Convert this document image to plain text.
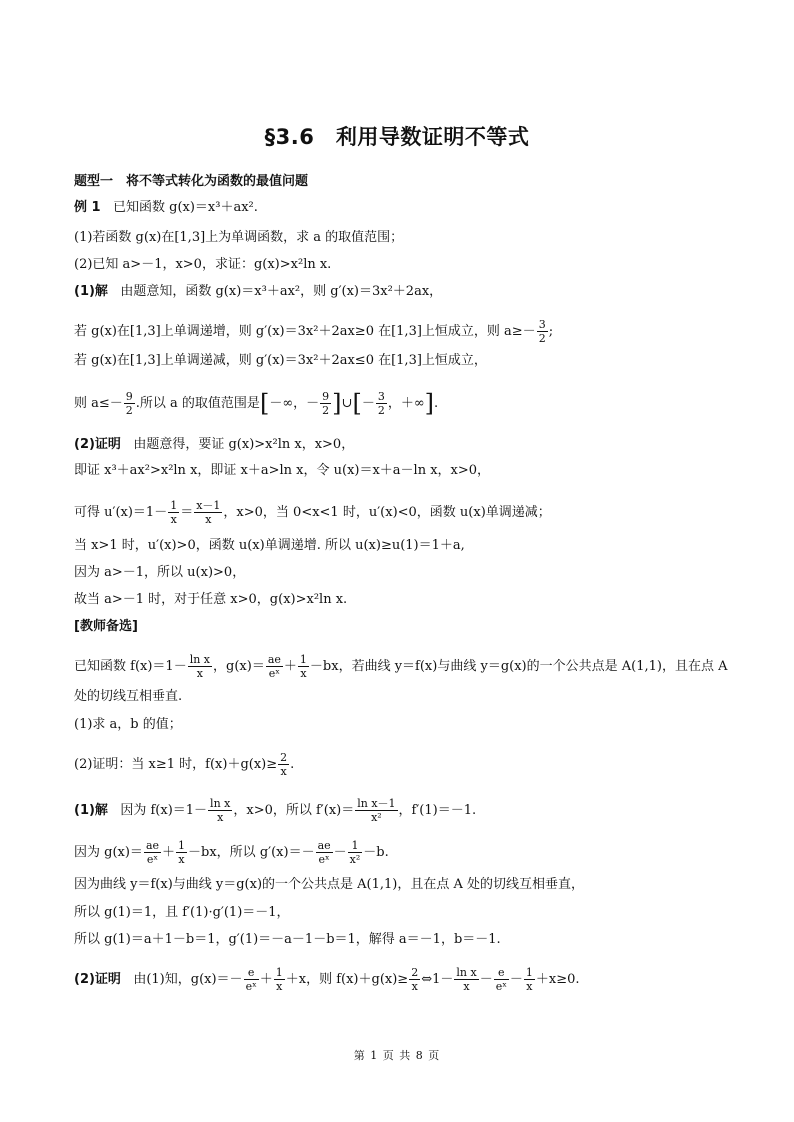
§3.6　利用导数证明不等式
题型一　将不等式转化为函数的最值问题
例 1 已知函数 g(x)＝x³＋ax².
(1)若函数 g(x)在[1,3]上为单调函数，求 a 的取值范围；
(2)已知 a>－1，x>0，求证：g(x)>x²ln x.
(1)解 由题意知，函数 g(x)＝x³＋ax²，则 g′(x)＝3x²＋2ax，
若 g(x)在[1,3]上单调递增，则 g′(x)＝3x²＋2ax≥0 在[1,3]上恒成立，则 $a\ge- \frac{3}{2}$ ;
若 g(x)在[1,3]上单调递减，则 g′(x)＝3x²＋2ax≤0 在[1,3]上恒成立，
则 $a\le- \frac{9}{2}$ .所以 a 的取值范围是[－∞，－ $\frac{9}{2}$ ]∪[－ $\frac{3}{2}$ ，＋∞].
(2)证明 由题意得，要证 g(x)>x²ln x，x>0，
即证 x³＋ax²>x²ln x，即证 x＋a>ln x，令 u(x)＝x＋a－ln x，x>0，
可得 $u'(x)=1- \frac{1}{x} = \frac{x-1}{x}$ ，x>0，当 0<x<1 时，u′(x)<0，函数 u(x)单调递减；
当 x>1 时，u′(x)>0，函数 u(x)单调递增. 所以 u(x)≥u(1)＝1＋a,
因为 a>－1，所以 u(x)>0，
故当 a>－1 时，对于任意 x>0，g(x)>x²ln x.
[教师备选]
已知函数 $f(x)=1- \frac{\text{ln x}}{x}$ ，$g(x)= \frac{ae}{\text{eˣ}} + \frac{1}{x} -bx$，若曲线 y＝f(x)与曲线 y＝g(x)的一个公共点是 A(1,1)，且在点 A
处的切线互相垂直.
(1)求 a，b 的值；
(2)证明：当 x≥1 时，$f(x)+g(x)\ge \frac{2}{x}$ .
(1)解 因为 $f(x)=1- \frac{\text{ln x}}{x}$ ，x>0，所以 $f'(x)= \frac{\text{ln x－1}}{\text{x²}}$ ，f′(1)＝－1.
因为 $g(x)= \frac{ae}{\text{eˣ}} + \frac{1}{x} -bx$，所以 $g'(x)=- \frac{ae}{\text{eˣ}} - \frac{1}{\text{x²}} -b$.
因为曲线 y＝f(x)与曲线 y＝g(x)的一个公共点是 A(1,1)，且在点 A 处的切线互相垂直，
所以 g(1)＝1，且 f′(1)·g′(1)＝－1，
所以 g(1)＝a＋1－b＝1，g′(1)＝－a－1－b＝1，解得 a＝－1，b＝－1.
(2)证明 由(1)知，$g(x)=- \frac{e}{\text{eˣ}} + \frac{1}{x} +x$，则 $f(x)+g(x)\ge \frac{2}{x}$ ⇔1－ $\frac{\text{ln x}}{x} - \frac{e}{\text{eˣ}} - \frac{1}{x} +x\ge 0$.
第 1 页 共 8 页
